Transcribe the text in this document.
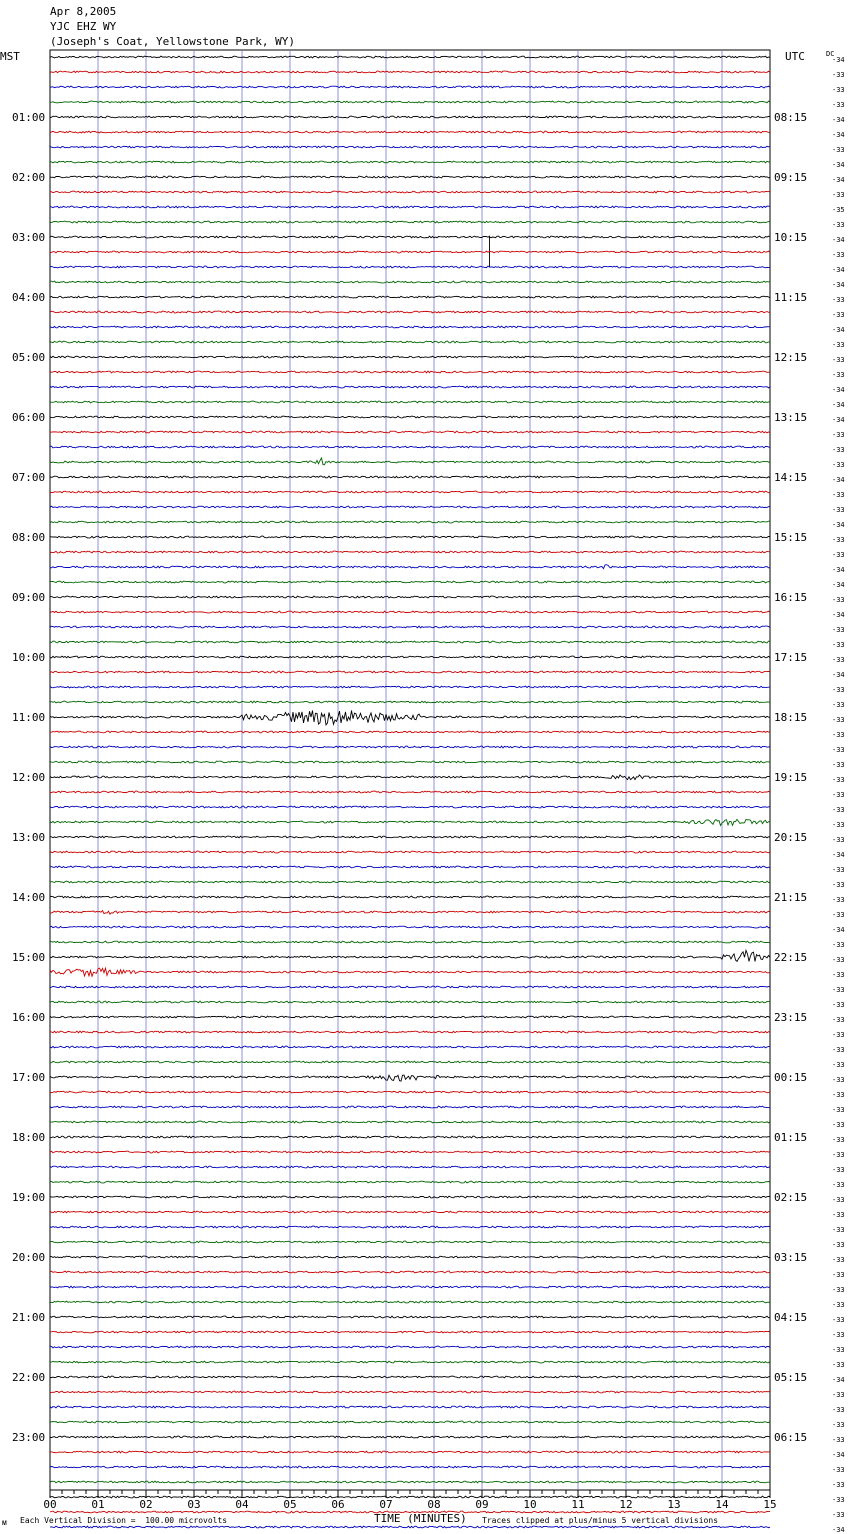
Apr 8,2005
YJC EHZ WY
(Joseph's Coat, Yellowstone Park, WY)
MST	UTC	DC
01:00
02:00
03:00
04:00
05:00
06:00
07:00
08:00
09:00
10:00
11:00
12:00
13:00
14:00
15:00
16:00
17:00
18:00
19:00
20:00
21:00
22:00
23:00
08:15
09:15
10:15
11:15
12:15
13:15
14:15
15:15
16:15
17:15
18:15
19:15
20:15
21:15
22:15
23:15
00:15
01:15
02:15
03:15
04:15
05:15
06:15
-34
-33
-33
-33
-34
-34
-33
-34
-34
-33
-35
-33
-34
-33
-34
-34
-33
-33
-34
-33
-33
-33
-34
-34
-34
-33
-33
-33
-34
-33
-33
-34
-33
-33
-34
-34
-33
-34
-33
-33
-33
-34
-33
-33
-33
-33
-33
-33
-33
-33
-33
-33
-33
-34
-33
-33
-33
-33
-34
-33
-33
-33
-33
-33
-33
-33
-33
-33
-33
-33
-33
-33
-33
-33
-33
-33
-33
-33
-33
-33
-33
-33
-33
-33
-33
-33
-33
-33
-34
-33
-33
-33
-33
-34
-33
-33
-33
-33
-34
00	01	02	03	04	05	06	07	08	09	10	11	12	13	14	15
ᴍ Each Vertical Division =  100.00 microvolts	TIME (MINUTES) Traces clipped at plus/minus 5 vertical divisions
